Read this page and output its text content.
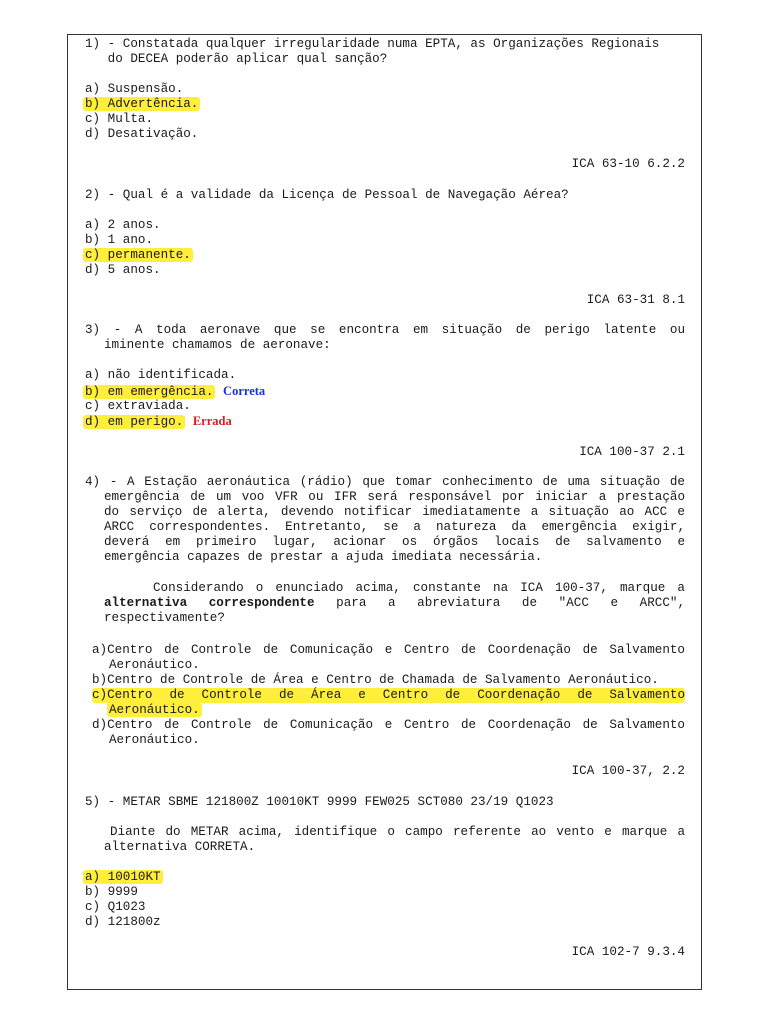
1) - Constatada qualquer irregularidade numa EPTA, as Organizações Regionais
do DECEA poderão aplicar qual sanção?
a) Suspensão.
b) Advertência.
c) Multa.
d) Desativação.
ICA 63-10 6.2.2
2) - Qual é a validade da Licença de Pessoal de Navegação Aérea?
a) 2 anos.
b) 1 ano.
c) permanente.
d) 5 anos.
ICA 63-31 8.1
3) - A toda aeronave que se encontra em situação de perigo latente ou
iminente chamamos de aeronave:
a) não identificada.
b) em emergência. Correta
c) extraviada.
d) em perigo. Errada
ICA 100-37 2.1
4) - A Estação aeronáutica (rádio) que tomar conhecimento de uma situação de
emergência de um voo VFR ou IFR será responsável por iniciar a prestação
do serviço de alerta, devendo notificar imediatamente a situação ao ACC e
ARCC correspondentes. Entretanto, se a natureza da emergência exigir,
deverá em primeiro lugar, acionar os órgãos locais de salvamento e
emergência capazes de prestar a ajuda imediata necessária.
Considerando o enunciado acima, constante na ICA 100-37, marque a
alternativa correspondente para a abreviatura de "ACC e ARCC",
respectivamente?
a)Centro de Controle de Comunicação e Centro de Coordenação de Salvamento
Aeronáutico.
b)Centro de Controle de Área e Centro de Chamada de Salvamento Aeronáutico.
c)Centro de Controle de Área e Centro de Coordenação de Salvamento
Aeronáutico.
d)Centro de Controle de Comunicação e Centro de Coordenação de Salvamento
Aeronáutico.
ICA 100-37, 2.2
5) - METAR SBME 121800Z 10010KT 9999 FEW025 SCT080 23/19 Q1023
Diante do METAR acima, identifique o campo referente ao vento e marque a
alternativa CORRETA.
a) 10010KT
b) 9999
c) Q1023
d) 121800z
ICA 102-7 9.3.4
